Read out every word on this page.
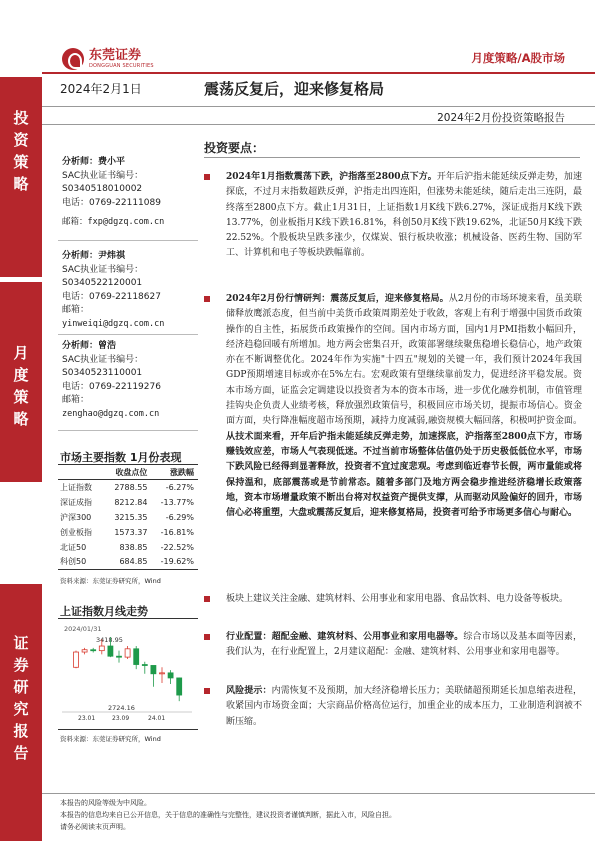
投
资
策
略
月
度
策
略
证
券
研
究
报
告
东莞证券
DONGGUAN SECURITIES
月度策略/A股市场
2024年2月1日	震荡反复后，迎来修复格局
2024年2月份投资策略报告
分析师：费小平
SAC执业证书编号：
S0340518010002
电话：0769-22111089
邮箱：fxp@dgzq.com.cn
分析师：尹炜祺
SAC执业证书编号：
S0340522120001
电话：0769-22118627
邮箱：
yinweiqi@dgzq.com.cn
分析师：曾浩
SAC执业证书编号：
S0340523110001
电话：0769-22119276
邮箱：
zenghao@dgzq.com.cn
市场主要指数 1月份表现
	收盘点位	涨跌幅
上证指数	2788.55	-6.27%
深证成指	8212.84	-13.77%
沪深300	3215.35	-6.29%
创业板指	1573.37	-16.81%
北证50	838.85	-22.52%
科创50	684.85	-19.62%
资料来源：东莞证券研究所，Wind
上证指数月线走势
2024/01/31
3418.95
2724.16
23.01	23.09	24.01
资料来源：东莞证券研究所，Wind
投资要点：
2024年1月指数震荡下跌，沪指落至2800点下方。开年后沪指未能延续反弹走势，加速探底，不过月末指数超跌反弹，沪指走出四连阳，但涨势未能延续，随后走出三连阴，最终落至2800点下方。截止1月31日，上证指数1月K线下跌6.27%，深证成指月K线下跌13.77%，创业板指月K线下跌16.81%，科创50月K线下跌19.62%，北证50月K线下跌22.52%。个股板块呈跌多涨少，仅煤炭、银行板块收涨；机械设备、医药生物、国防军工、计算机和电子等板块跌幅靠前。
2024年2月份行情研判：震荡反复后，迎来修复格局。从2月份的市场环境来看，虽美联储释放鹰派态度，但当前中美货币政策周期差处于收敛，客观上有利于增强中国货币政策操作的自主性，拓展货币政策操作的空间。国内市场方面，国内1月PMI指数小幅回升，经济趋稳回暖有所增加。地方两会密集召开，政策部署继续聚焦稳增长稳信心，地产政策亦在不断调整优化。2024年作为实施"十四五"规划的关键一年，我们预计2024年我国GDP预期增速目标或亦在5%左右。宏观政策有望继续靠前发力，促进经济平稳发展。资本市场方面，证监会定调建设以投资者为本的资本市场，进一步优化融券机制，市值管理挂钩央企负责人业绩考核，释放强烈政策信号，积极回应市场关切，提振市场信心。资金面方面，央行降准幅度超市场预期，减持力度减弱,融资规模大幅回落，积极呵护资金面。从技术面来看，开年后沪指未能延续反弹走势，加速探底，沪指落至2800点下方，市场赚钱效应差，市场人气表现低迷。不过当前市场整体估值仍处于历史极低低位水平，市场下跌风险已经得到显著释放，投资者不宜过度悲观。考虑到临近春节长假，两市量能或将保持温和，底部震荡或是节前常态。随着多部门及地方两会稳步推进经济稳增长政策落地，资本市场增量政策不断出台将对权益资产提供支撑，从而驱动风险偏好的回升，市场信心必将重塑，大盘或震荡反复后，迎来修复格局，投资者可给予市场更多信心与耐心。
板块上建议关注金融、建筑材料、公用事业和家用电器、食品饮料、电力设备等板块。
行业配置：超配金融、建筑材料、公用事业和家用电器等。综合市场以及基本面等因素，我们认为，在行业配置上，2月建议超配：金融、建筑材料、公用事业和家用电器等。
风险提示：内需恢复不及预期，加大经济稳增长压力；美联储超预期延长加息缩表进程，收紧国内市场资金面；大宗商品价格高位运行，加重企业的成本压力，工业制造利润被不断压缩。
本报告的风险等级为中风险。
本报告的信息均来自已公开信息，关于信息的准确性与完整性，建议投资者谨慎判断，据此入市，风险自担。
请务必阅读末页声明。
